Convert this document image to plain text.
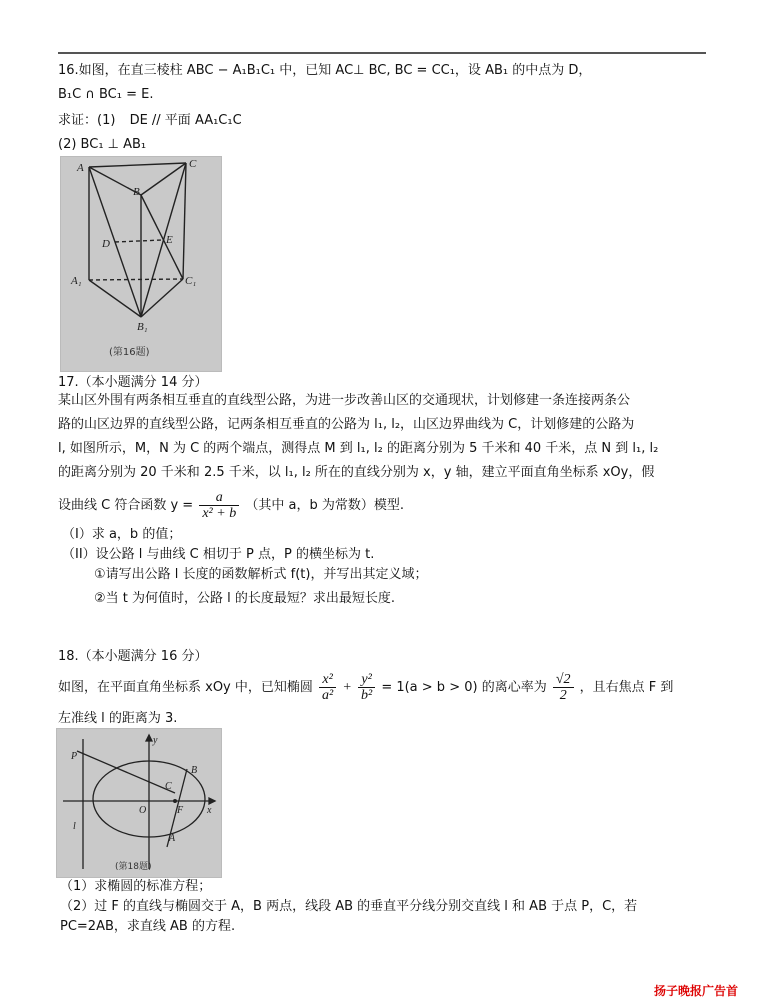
16.如图，在直三棱柱 ABC − A₁B₁C₁ 中，已知 AC⊥ BC, BC = CC₁，设 AB₁ 的中点为 D，
B₁C ∩ BC₁ = E.
求证：(1) DE // 平面 AA₁C₁C
(2) BC₁ ⊥ AB₁
A	C
B
D	E
A₁	C₁
B₁
(第16题)
17.（本小题满分 14 分）
某山区外围有两条相互垂直的直线型公路，为进一步改善山区的交通现状，计划修建一条连接两条公
路的山区边界的直线型公路，记两条相互垂直的公路为 l₁, l₂，山区边界曲线为 C，计划修建的公路为
l, 如图所示，M，N 为 C 的两个端点，测得点 M 到 l₁, l₂ 的距离分别为 5 千米和 40 千米，点 N 到 l₁, l₂
的距离分别为 20 千米和 2.5 千米，以 l₁, l₂ 所在的直线分别为 x，y 轴，建立平面直角坐标系 xOy，假
设曲线 C 符合函数 $y = \frac{a}{\text{x² + b}}$ （其中 a，b 为常数）模型.
（I）求 a，b 的值；
（II）设公路 l 与曲线 C 相切于 P 点，P 的横坐标为 t.
①请写出公路 l 长度的函数解析式 f(t)，并写出其定义域；
②当 t 为何值时，公路 l 的长度最短？求出最短长度.
18.（本小题满分 16 分）
如图，在平面直角坐标系 xOy 中，已知椭圆 $\frac{\text{x²}}{\text{a²}} + \frac{\text{y²}}{\text{b²}} = 1(a > b > 0)$ 的离心率为 $\frac{√2}{2}$ ，且右焦点 F 到
左准线 l 的距离为 3.
y
P
C
B
A
O	F x
l
(第18题)
（1）求椭圆的标准方程；
（2）过 F 的直线与椭圆交于 A，B 两点，线段 AB 的垂直平分线分别交直线 l 和 AB 于点 P，C，若
PC=2AB，求直线 AB 的方程.
扬子晚报广告首
